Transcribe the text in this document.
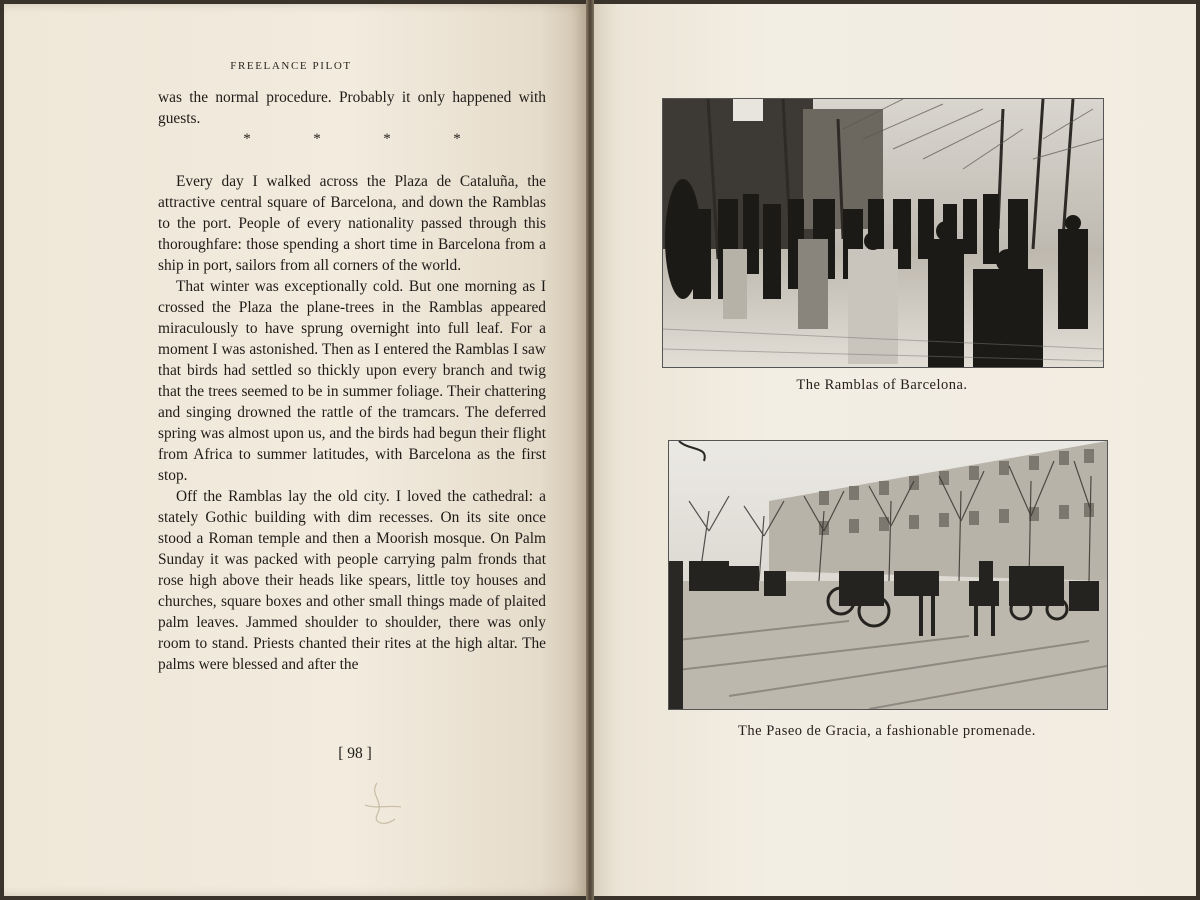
FREELANCE PILOT

was the normal procedure. Probably it only happened with guests.

*	*	*	*

Every day I walked across the Plaza de Cataluña, the attractive central square of Barcelona, and down the Ramblas to the port. People of every nationality passed through this thoroughfare: those spending a short time in Barcelona from a ship in port, sailors from all corners of the world.

That winter was exceptionally cold. But one morning as I crossed the Plaza the plane-trees in the Ramblas appeared miraculously to have sprung overnight into full leaf. For a moment I was astonished. Then as I entered the Ramblas I saw that birds had settled so thickly upon every branch and twig that the trees seemed to be in summer foliage. Their chattering and singing drowned the rattle of the tramcars. The deferred spring was almost upon us, and the birds had begun their flight from Africa to summer latitudes, with Barcelona as the first stop.

Off the Ramblas lay the old city. I loved the cathedral: a stately Gothic building with dim recesses. On its site once stood a Roman temple and then a Moorish mosque. On Palm Sunday it was packed with people carrying palm fronds that rose high above their heads like spears, little toy houses and churches, square boxes and other small things made of plaited palm leaves. Jammed shoulder to shoulder, there was only room to stand. Priests chanted their rites at the high altar. The palms were blessed and after the

[ 98 ]
The Ramblas of Barcelona.
The Paseo de Gracia, a fashionable promenade.
